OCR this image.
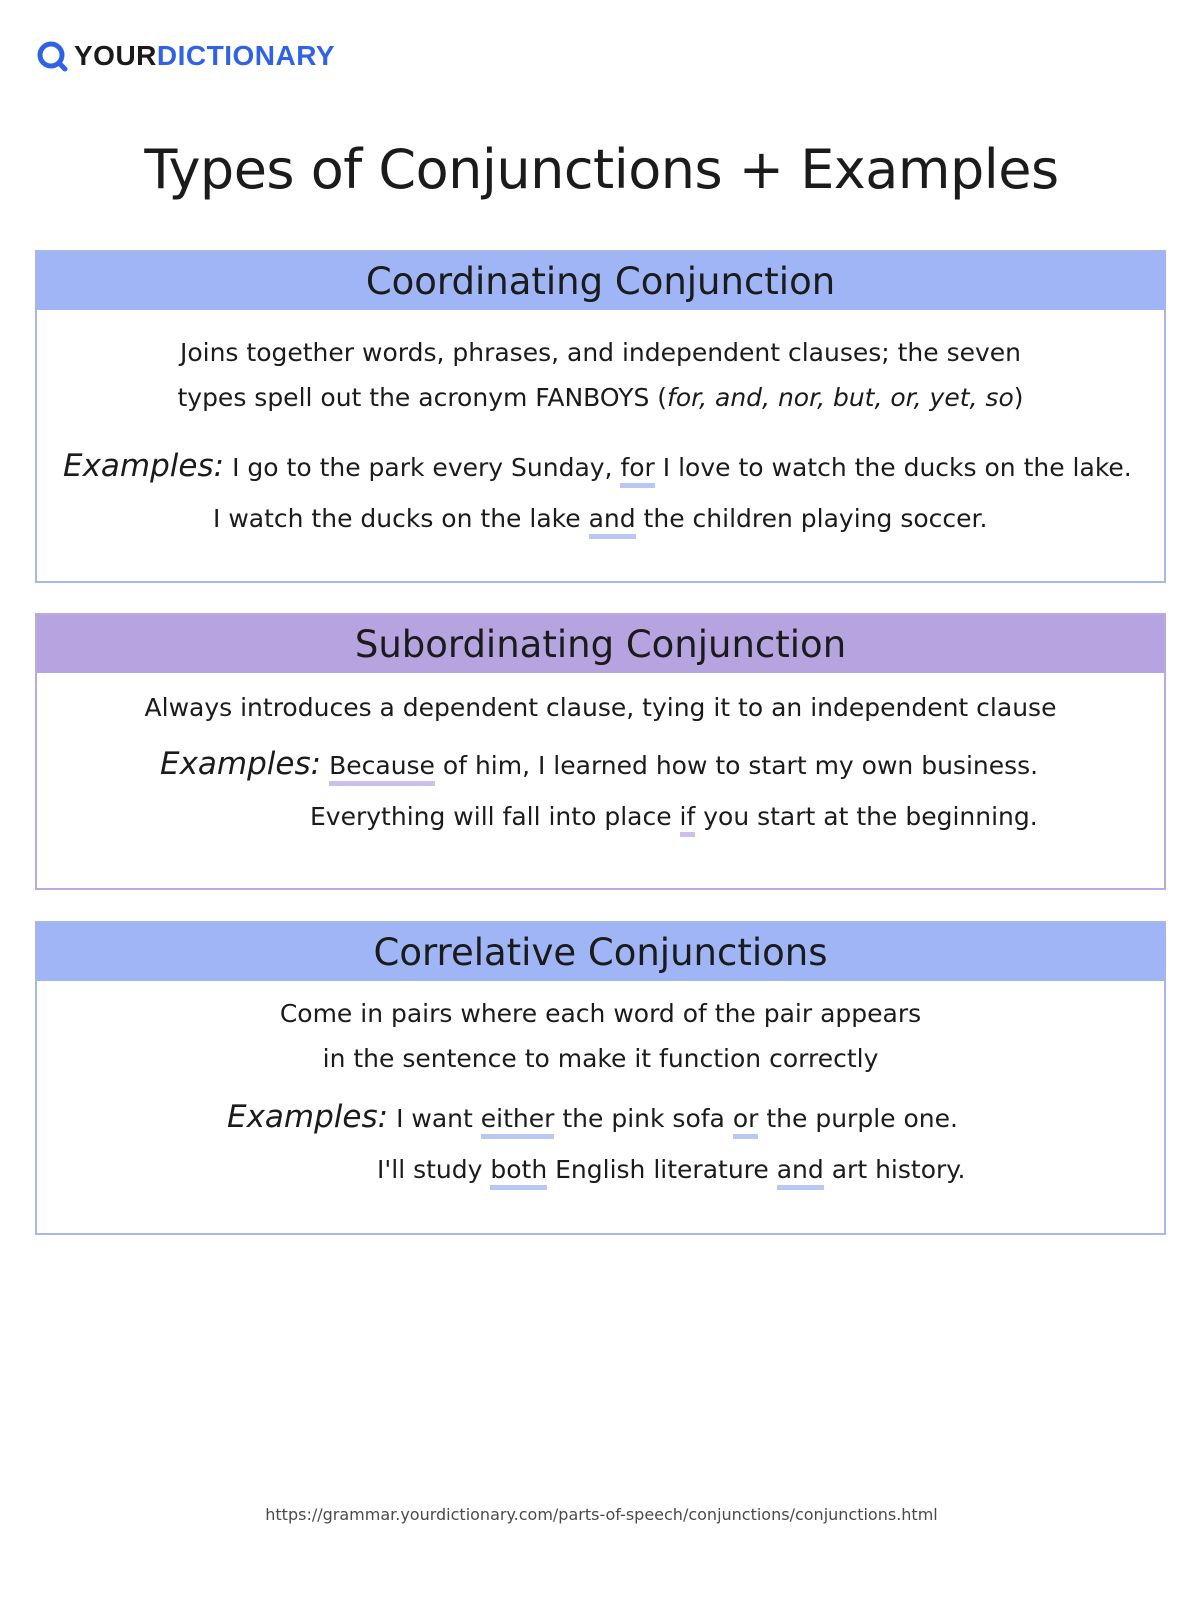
YOUR DICTIONARY
Types of Conjunctions + Examples
Coordinating Conjunction
Joins together words, phrases, and independent clauses; the seven
types spell out the acronym FANBOYS (for, and, nor, but, or, yet, so)
Examples: I go to the park every Sunday, for I love to watch the ducks on the lake.
I watch the ducks on the lake and the children playing soccer.
Subordinating Conjunction
Always introduces a dependent clause, tying it to an independent clause
Examples: Because of him, I learned how to start my own business.
Everything will fall into place if you start at the beginning.
Correlative Conjunctions
Come in pairs where each word of the pair appears
in the sentence to make it function correctly
Examples: I want either the pink sofa or the purple one.
I'll study both English literature and art history.
https://grammar.yourdictionary.com/parts-of-speech/conjunctions/conjunctions.html
